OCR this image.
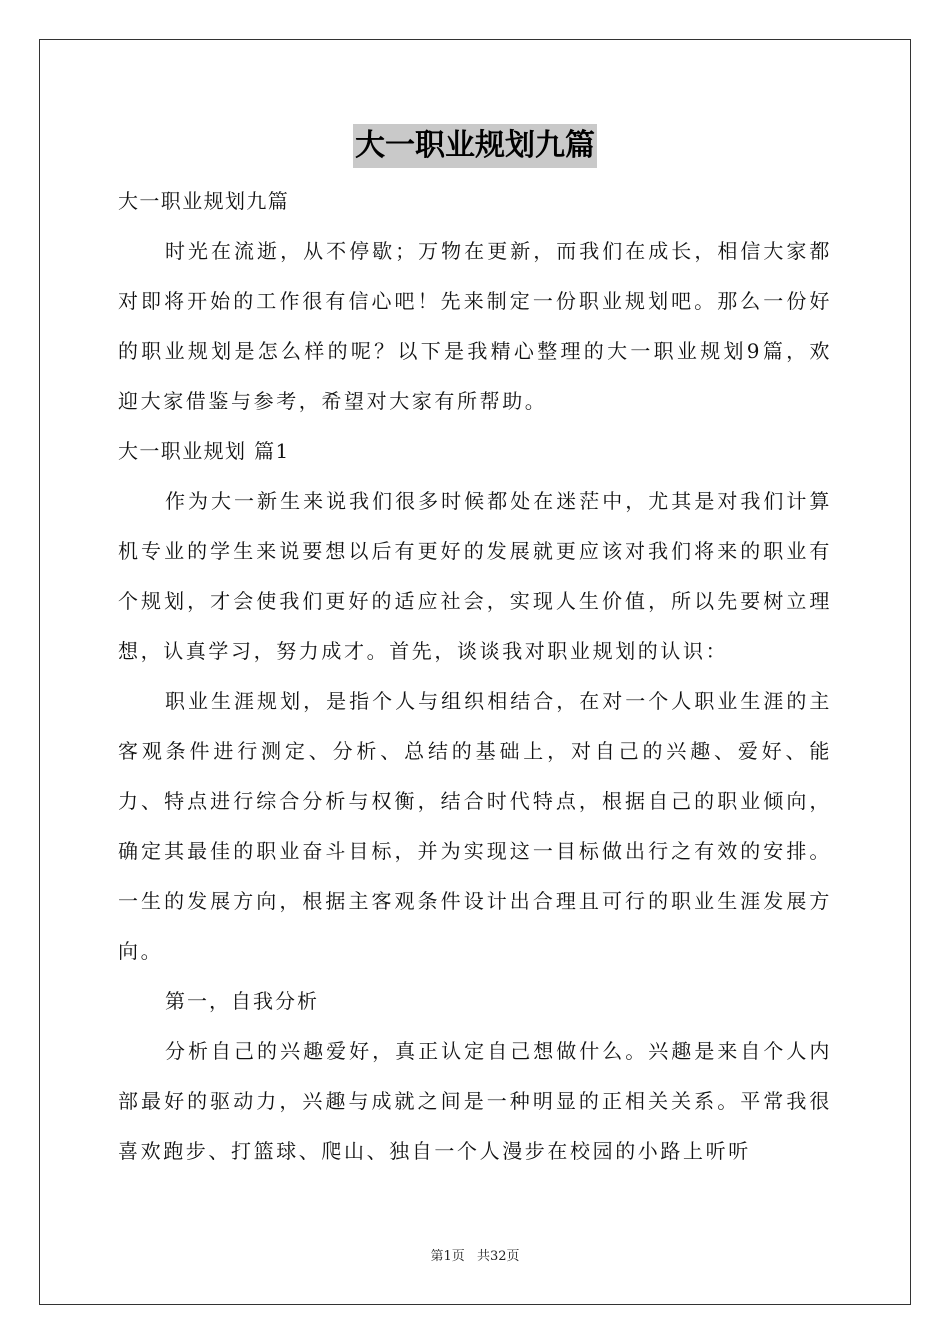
大一职业规划九篇
大一职业规划九篇

时光在流逝，从不停歇；万物在更新，而我们在成长，相信大家都对即将开始的工作很有信心吧！先来制定一份职业规划吧。那么一份好的职业规划是怎么样的呢？以下是我精心整理的大一职业规划9篇，欢迎大家借鉴与参考，希望对大家有所帮助。

大一职业规划 篇1

作为大一新生来说我们很多时候都处在迷茫中，尤其是对我们计算机专业的学生来说要想以后有更好的发展就更应该对我们将来的职业有个规划，才会使我们更好的适应社会，实现人生价值，所以先要树立理想，认真学习，努力成才。首先，谈谈我对职业规划的认识：

职业生涯规划，是指个人与组织相结合，在对一个人职业生涯的主客观条件进行测定、分析、总结的基础上，对自己的兴趣、爱好、能力、特点进行综合分析与权衡，结合时代特点，根据自己的职业倾向，确定其最佳的职业奋斗目标，并为实现这一目标做出行之有效的安排。一生的发展方向，根据主客观条件设计出合理且可行的职业生涯发展方向。

第一，自我分析

分析自己的兴趣爱好，真正认定自己想做什么。兴趣是来自个人内部最好的驱动力，兴趣与成就之间是一种明显的正相关关系。平常我很喜欢跑步、打篮球、爬山、独自一个人漫步在校园的小路上听听

第1页 共32页
